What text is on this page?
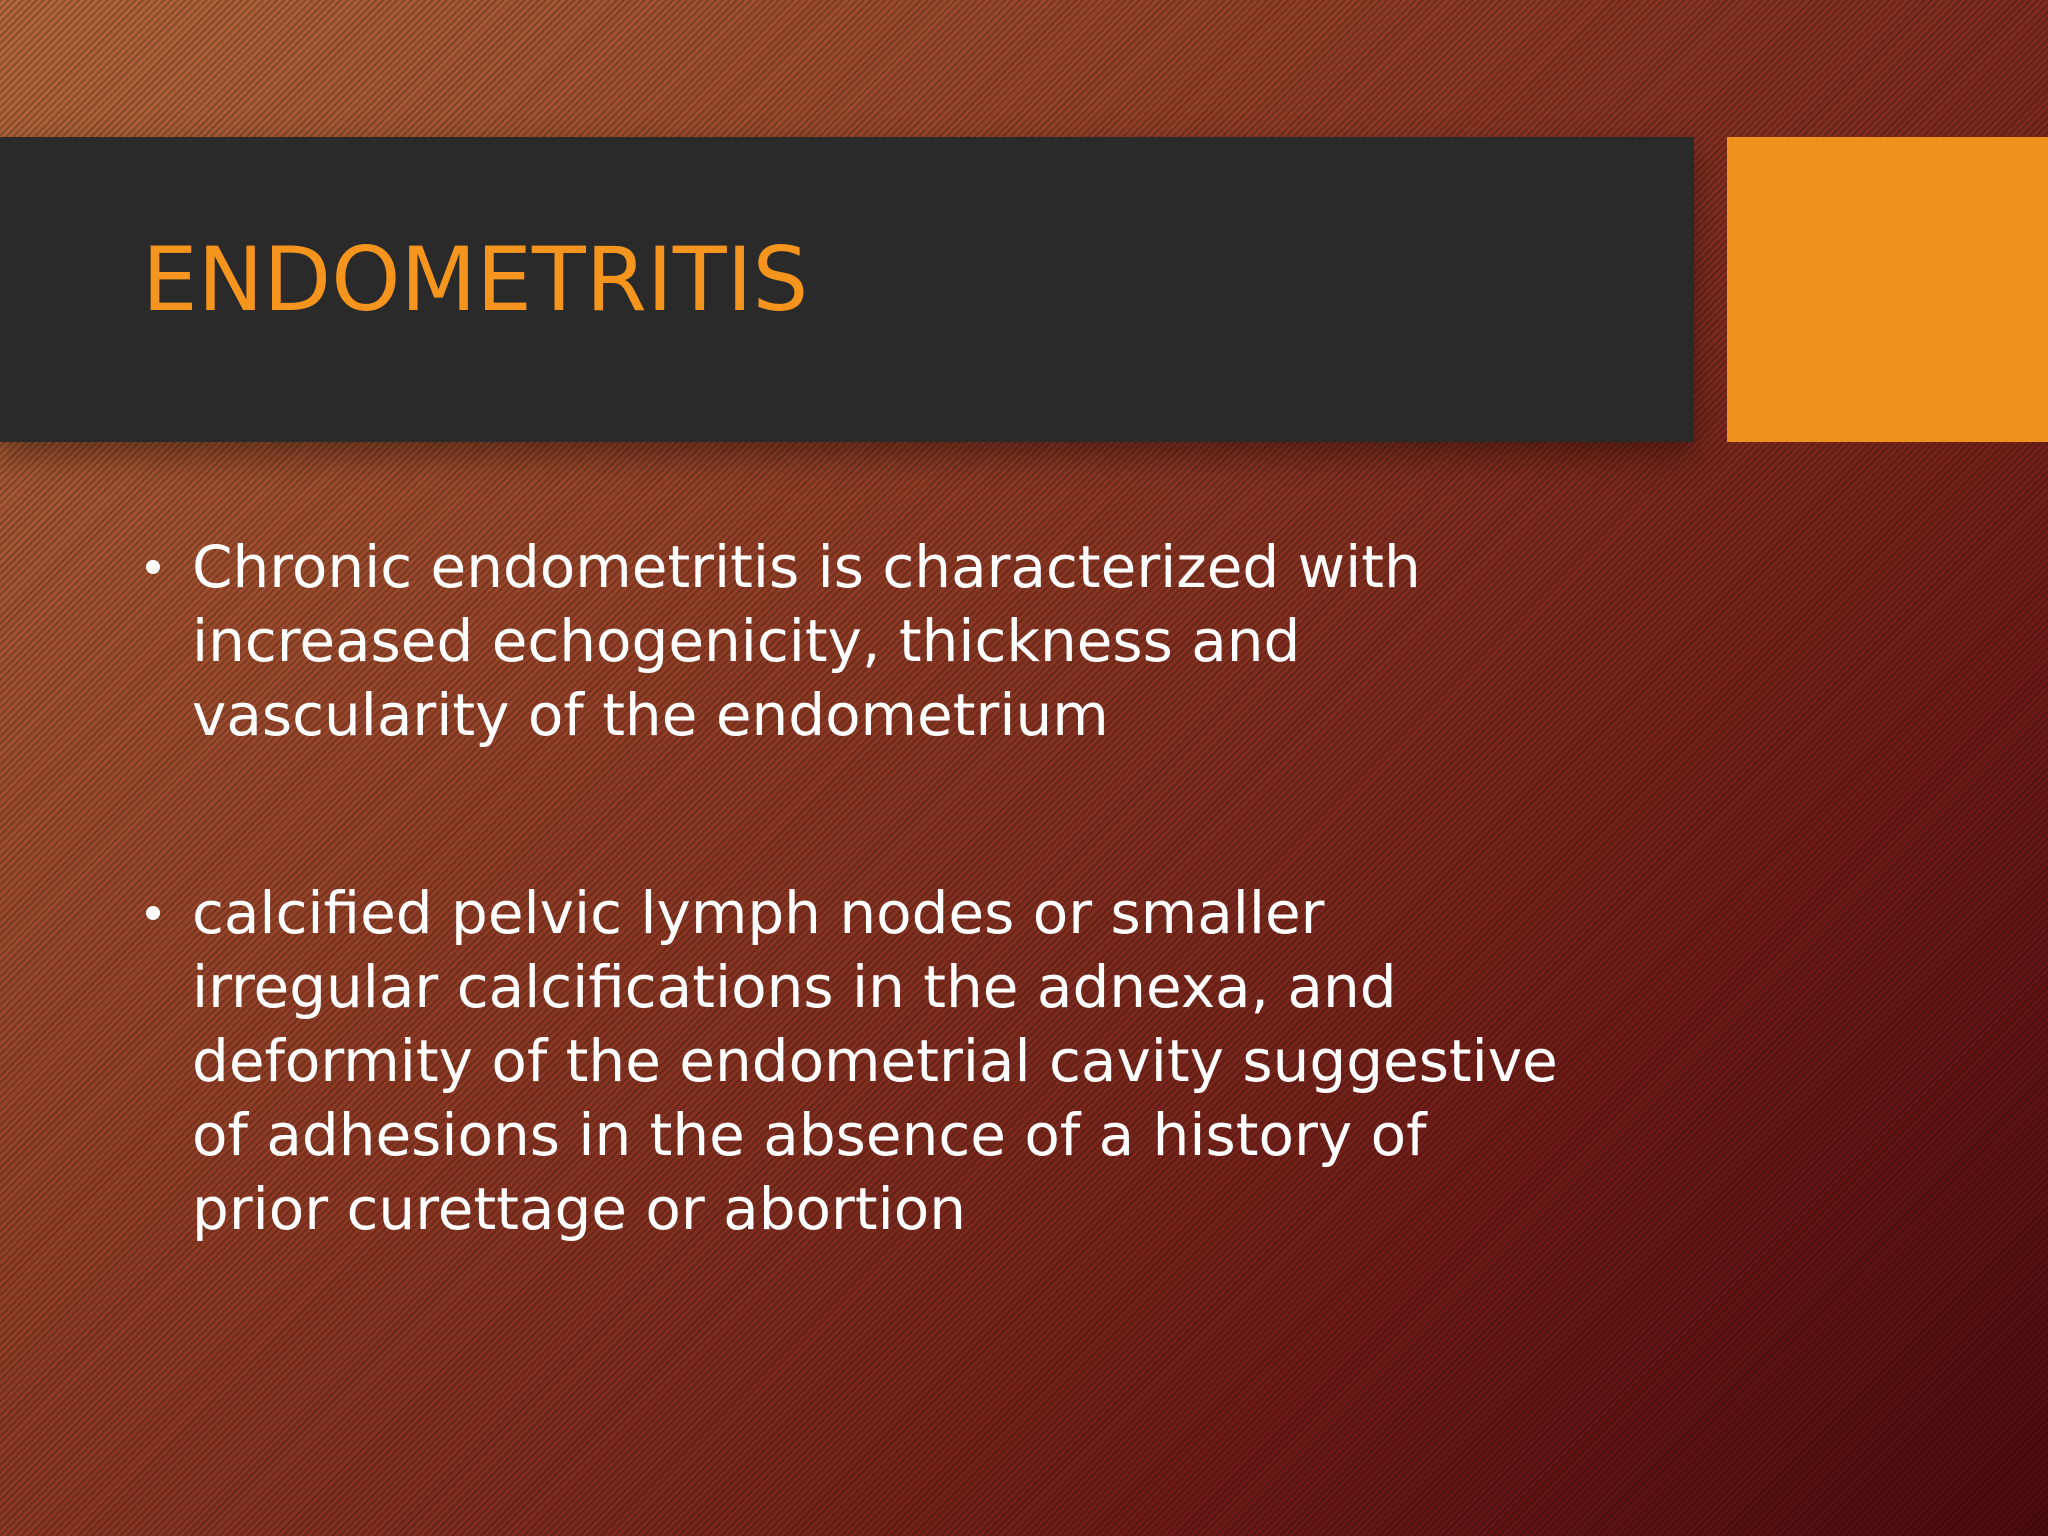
ENDOMETRITIS
Chronic endometritis is characterized with
increased echogenicity, thickness and
vascularity of the endometrium
calcified pelvic lymph nodes or smaller
irregular calcifications in the adnexa, and
deformity of the endometrial cavity suggestive
of adhesions in the absence of a history of
prior curettage or abortion
